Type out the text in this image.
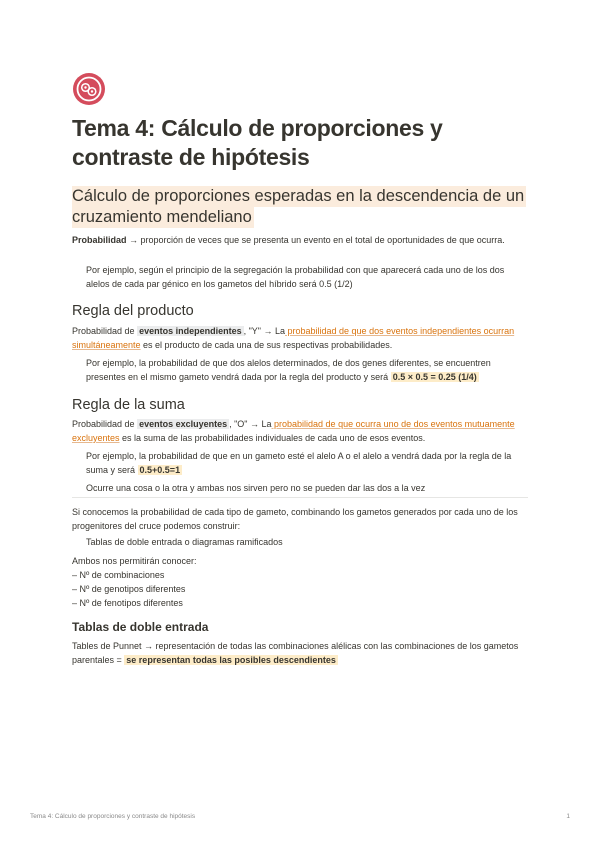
Tema 4: Cálculo de proporciones y contraste de hipótesis
Cálculo de proporciones esperadas en la descendencia de un cruzamiento mendeliano

Probabilidad → proporción de veces que se presenta un evento en el total de oportunidades de que ocurra.

Por ejemplo, según el principio de la segregación la probabilidad con que aparecerá cada uno de los dos alelos de cada par génico en los gametos del híbrido será 0.5 (1/2)

Regla del producto

Probabilidad de eventos independientes , "Y" → La probabilidad de que dos eventos independientes ocurran simultáneamente es el producto de cada una de sus respectivas probabilidades.

Por ejemplo, la probabilidad de que dos alelos determinados, de dos genes diferentes, se encuentren presentes en el mismo gameto vendrá dada por la regla del producto y será 0.5 × 0.5 = 0.25 (1/4)

Regla de la suma

Probabilidad de eventos excluyentes , "O" → La probabilidad de que ocurra uno de dos eventos mutuamente excluyentes es la suma de las probabilidades individuales de cada uno de esos eventos.

Por ejemplo, la probabilidad de que en un gameto esté el alelo A o el alelo a vendrá dada por la regla de la suma y será 0.5+0.5=1

Ocurre una cosa o la otra y ambas nos sirven pero no se pueden dar las dos a la vez

Si conocemos la probabilidad de cada tipo de gameto, combinando los gametos generados por cada uno de los progenitores del cruce podemos construir:

Tablas de doble entrada o diagramas ramificados

Ambos nos permitirán conocer:

– Nº de combinaciones

– Nº de genotipos diferentes

– Nº de fenotipos diferentes

Tablas de doble entrada

Tables de Punnet → representación de todas las combinaciones alélicas con las combinaciones de los gametos parentales = se representan todas las posibles descendientes

Tema 4: Cálculo de proporciones y contraste de hipótesis	1
